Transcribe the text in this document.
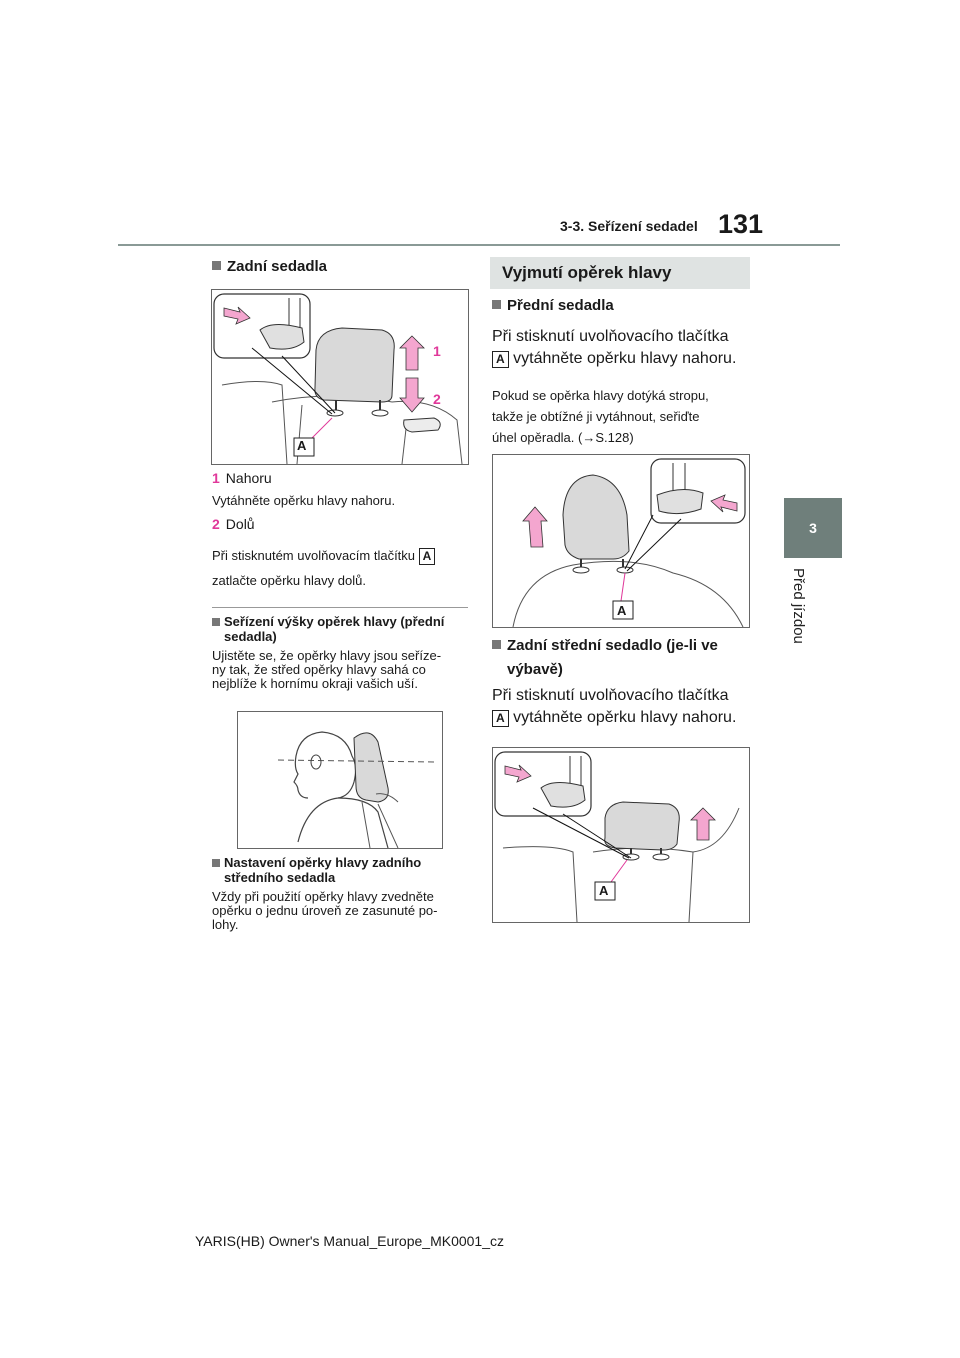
3-3. Seřízení sedadel 131
3
Před jízdou
Zadní sedadla
A
1
2
1 Nahoru
Vytáhněte opěrku hlavy nahoru.
2 Dolů
Při stisknutém uvolňovacím tlačítku A
zatlačte opěrku hlavy dolů.
Seřízení výšky opěrek hlavy (přední
sedadla)
Ujistěte se, že opěrky hlavy jsou seříze-
ny tak, že střed opěrky hlavy sahá co
nejblíže k hornímu okraji vašich uší.
Nastavení opěrky hlavy zadního
středního sedadla
Vždy při použití opěrky hlavy zvedněte
opěrku o jednu úroveň ze zasunuté po-
lohy.
Vyjmutí opěrek hlavy
Přední sedadla
Při stisknutí uvolňovacího tlačítka
A vytáhněte opěrku hlavy nahoru.
Pokud se opěrka hlavy dotýká stropu,
takže je obtížné ji vytáhnout, seřiďte
úhel opěradla. (→S.128)
A
Zadní střední sedadlo (je-li ve
výbavě)
Při stisknutí uvolňovacího tlačítka
A vytáhněte opěrku hlavy nahoru.
A
YARIS(HB) Owner's Manual_Europe_MK0001_cz
